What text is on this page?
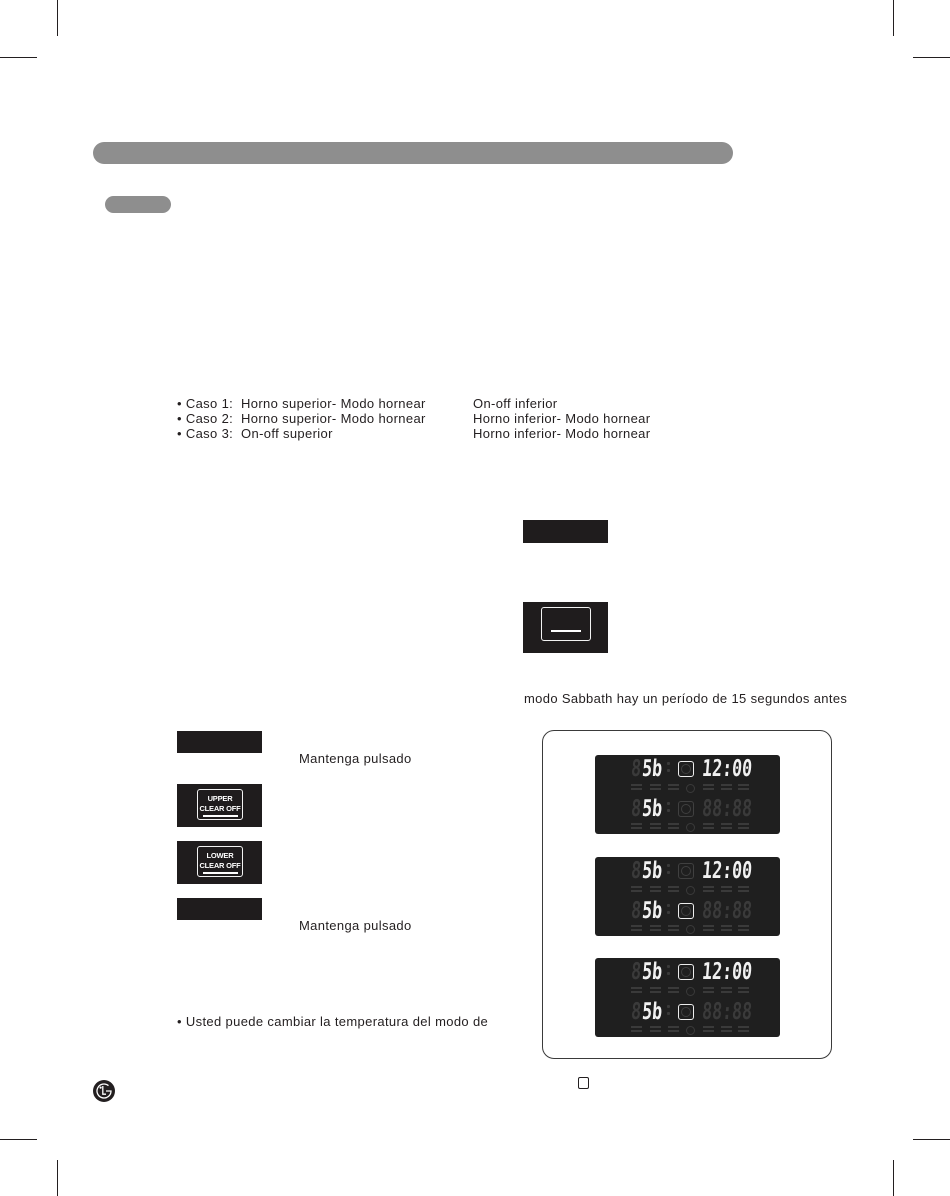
• Caso 1:  Horno superior- Modo hornear	On-off inferior
• Caso 2:  Horno superior- Modo hornear	Horno inferior- Modo hornear
• Caso 3:  On-off superior	Horno inferior- Modo hornear
modo Sabbath hay un período de 15 segundos antes
Mantenga pulsado
UPPER
CLEAR OFF
LOWER
CLEAR OFF
Mantenga pulsado
• Usted puede cambiar la temperatura del modo de
8 5b 12:00
8 5b 88:88
8 5b 12:00
8 5b 88:88
8 5b 12:00
8 5b 88:88
